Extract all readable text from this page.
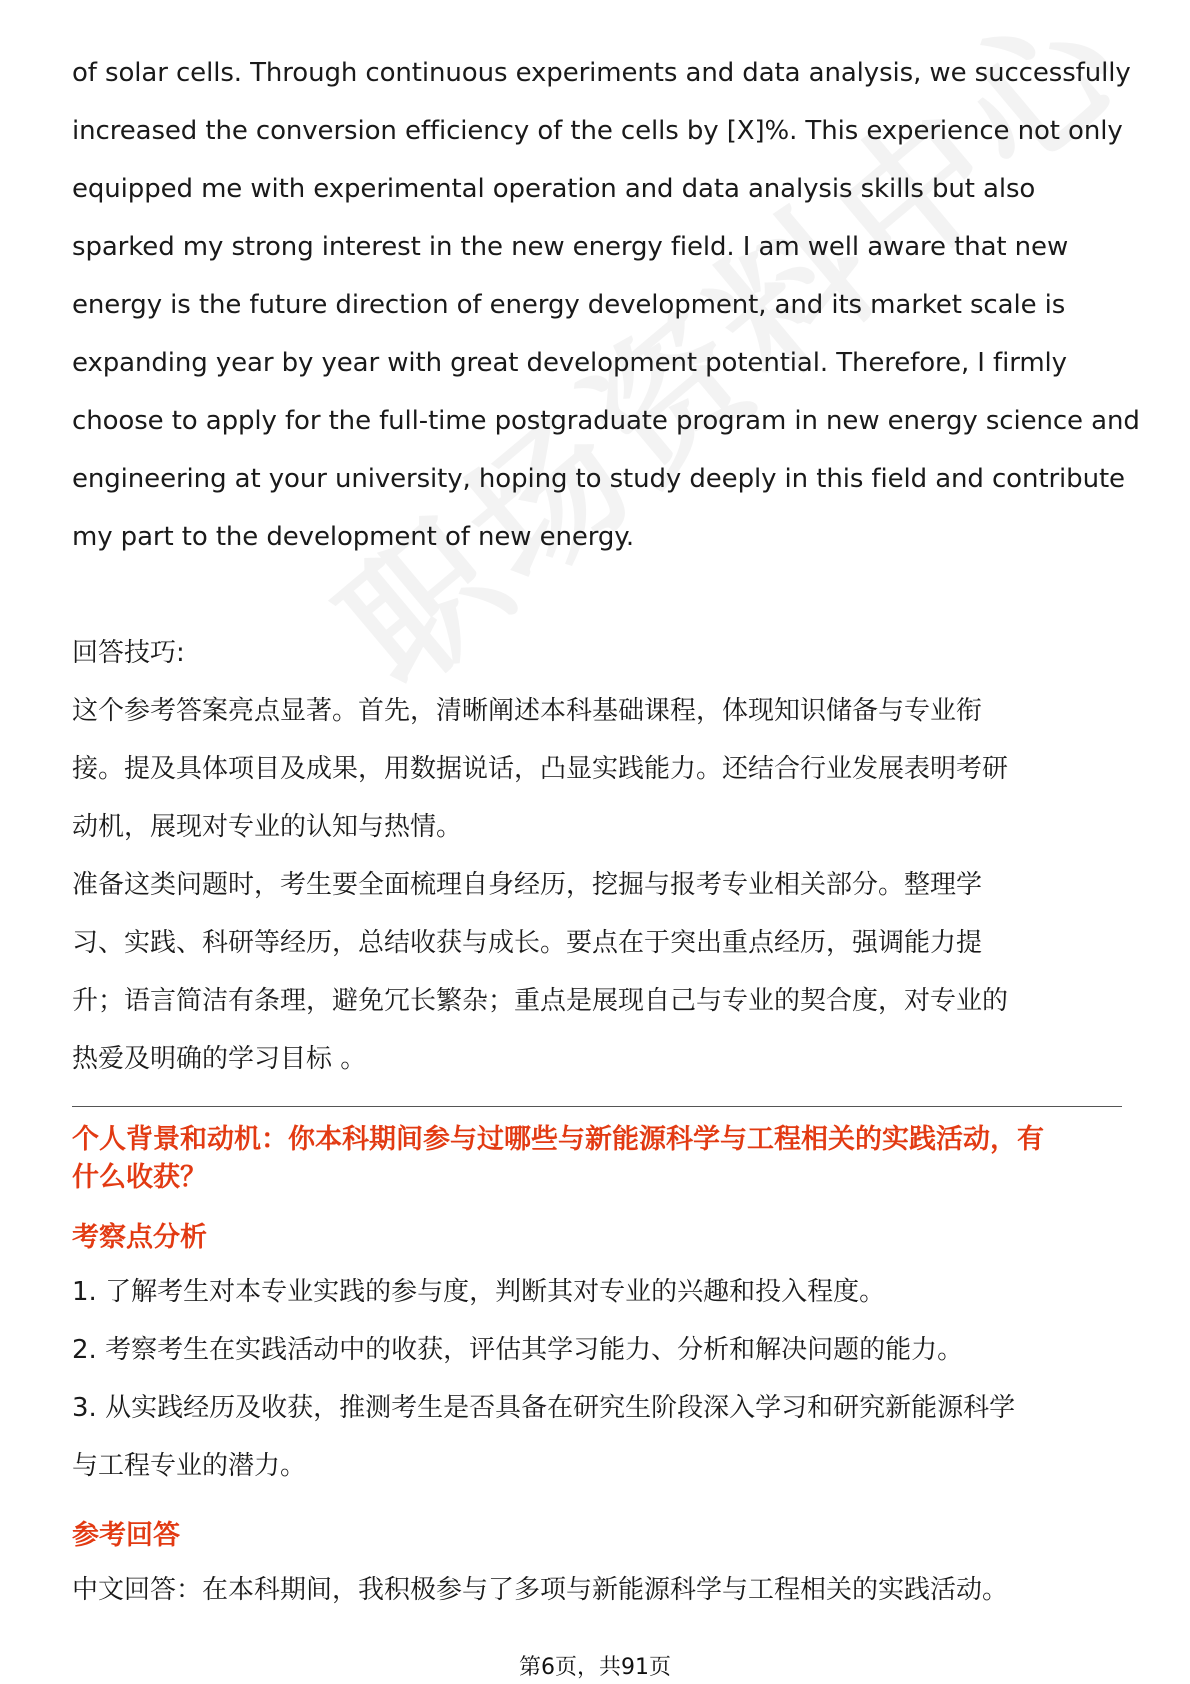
of solar cells. Through continuous experiments and data analysis, we successfully

increased the conversion efficiency of the cells by [X]%. This experience not only

equipped me with experimental operation and data analysis skills but also

sparked my strong interest in the new energy field. I am well aware that new

energy is the future direction of energy development, and its market scale is

expanding year by year with great development potential. Therefore, I firmly

choose to apply for the full-time postgraduate program in new energy science and

engineering at your university, hoping to study deeply in this field and contribute

my part to the development of new energy.

回答技巧:

这个参考答案亮点显著。首先，清晰阐述本科基础课程，体现知识储备与专业衔

接。提及具体项目及成果，用数据说话，凸显实践能力。还结合行业发展表明考研

动机，展现对专业的认知与热情。

准备这类问题时，考生要全面梳理自身经历，挖掘与报考专业相关部分。整理学

习、实践、科研等经历，总结收获与成长。要点在于突出重点经历，强调能力提

升；语言简洁有条理，避免冗长繁杂；重点是展现自己与专业的契合度，对专业的

热爱及明确的学习目标 。

个人背景和动机：你本科期间参与过哪些与新能源科学与工程相关的实践活动，有

什么收获？

考察点分析

1. 了解考生对本专业实践的参与度，判断其对专业的兴趣和投入程度。

2. 考察考生在实践活动中的收获，评估其学习能力、分析和解决问题的能力。

3. 从实践经历及收获，推测考生是否具备在研究生阶段深入学习和研究新能源科学

与工程专业的潜力。

参考回答

中文回答：在本科期间，我积极参与了多项与新能源科学与工程相关的实践活动。

第6页，共91页
